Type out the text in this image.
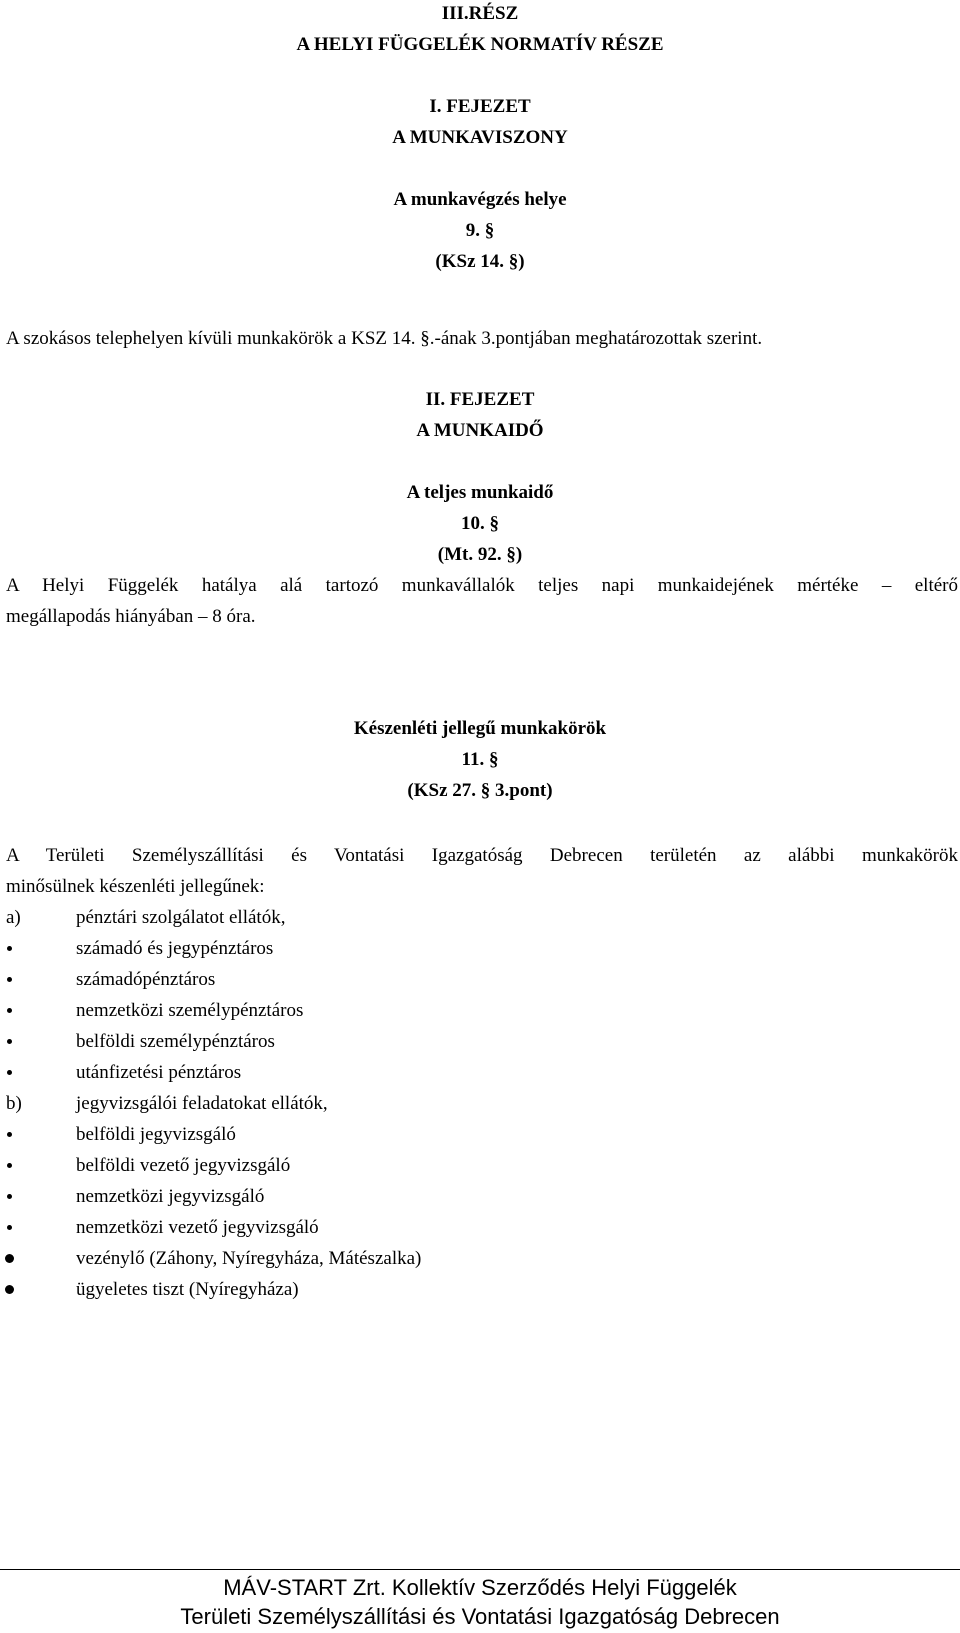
III.RÉSZ
A HELYI FÜGGELÉK NORMATÍV RÉSZE
I. FEJEZET
A MUNKAVISZONY
A munkavégzés helye
9. §
(KSz 14. §)
A szokásos telephelyen kívüli munkakörök a KSZ 14. §.-ának 3.pontjában meghatározottak szerint.
II. FEJEZET
A MUNKAIDŐ
A teljes munkaidő
10. §
(Mt. 92. §)
A Helyi Függelék hatálya alá tartozó munkavállalók teljes napi munkaidejének mértéke – eltérő
megállapodás hiányában – 8 óra.
Készenléti jellegű munkakörök
11. §
(KSz 27. § 3.pont)
A Területi Személyszállítási és Vontatási Igazgatóság Debrecen területén az alábbi munkakörök
minősülnek készenléti jellegűnek:
a)	pénztári szolgálatot ellátók,
számadó és jegypénztáros
számadópénztáros
nemzetközi személypénztáros
belföldi személypénztáros
utánfizetési pénztáros
b)	jegyvizsgálói feladatokat ellátók,
belföldi jegyvizsgáló
belföldi vezető jegyvizsgáló
nemzetközi jegyvizsgáló
nemzetközi vezető jegyvizsgáló
vezénylő (Záhony, Nyíregyháza, Mátészalka)
ügyeletes tiszt (Nyíregyháza)
MÁV-START Zrt. Kollektív Szerződés Helyi Függelék
Területi Személyszállítási és Vontatási Igazgatóság Debrecen
